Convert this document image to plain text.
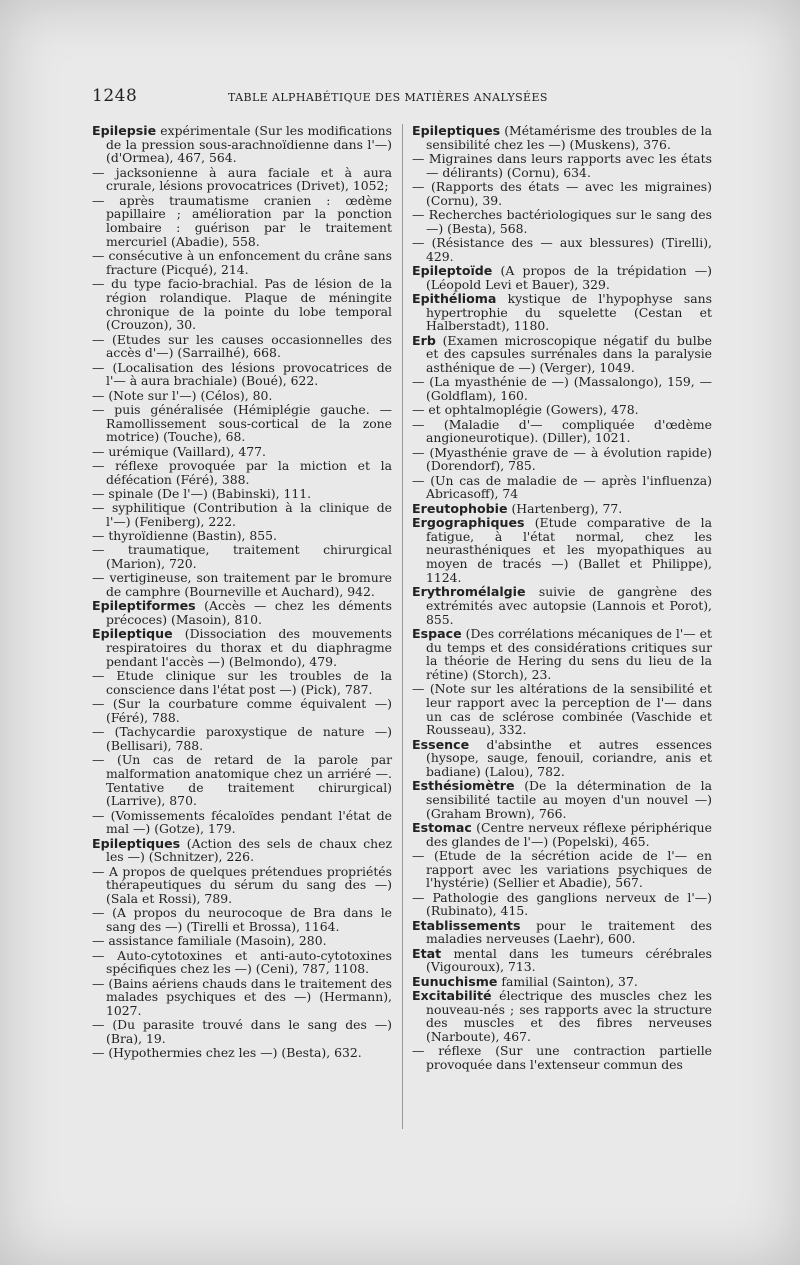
1248	TABLE ALPHABÉTIQUE DES MATIÈRES ANALYSÉES

Epilepsie expérimentale (Sur les modifications de la pression sous-arachnoïdienne dans l'—) (d'Ormea), 467, 564.

— jacksonienne à aura faciale et à aura crurale, lésions provocatrices (Drivet), 1052;

— après traumatisme cranien : œdème papillaire ; amélioration par la ponction lombaire : guérison par le traitement mercuriel (Abadie), 558.

— consécutive à un enfoncement du crâne sans fracture (Picqué), 214.

— du type facio-brachial. Pas de lésion de la région rolandique. Plaque de méningite chronique de la pointe du lobe temporal (Crouzon), 30.

— (Etudes sur les causes occasionnelles des accès d'—) (Sarrailhé), 668.

— (Localisation des lésions provocatrices de l'— à aura brachiale) (Boué), 622.

— (Note sur l'—) (Célos), 80.

— puis généralisée (Hémiplégie gauche. — Ramollissement sous-cortical de la zone motrice) (Touche), 68.

— urémique (Vaillard), 477.

— réflexe provoquée par la miction et la défécation (Féré), 388.

— spinale (De l'—) (Babinski), 111.

— syphilitique (Contribution à la clinique de l'—) (Feniberg), 222.

— thyroïdienne (Bastin), 855.

— traumatique, traitement chirurgical (Marion), 720.

— vertigineuse, son traitement par le bromure de camphre (Bourneville et Auchard), 942.

Epileptiformes (Accès — chez les déments précoces) (Masoin), 810.

Epileptique (Dissociation des mouvements respiratoires du thorax et du diaphragme pendant l'accès —) (Belmondo), 479.

— Etude clinique sur les troubles de la conscience dans l'état post —) (Pick), 787.

— (Sur la courbature comme équivalent —) (Féré), 788.

— (Tachycardie paroxystique de nature —) (Bellisari), 788.

— (Un cas de retard de la parole par malformation anatomique chez un arriéré —. Tentative de traitement chirurgical) (Larrive), 870.

— (Vomissements fécaloïdes pendant l'état de mal —) (Gotze), 179.

Epileptiques (Action des sels de chaux chez les —) (Schnitzer), 226.

— A propos de quelques prétendues propriétés thérapeutiques du sérum du sang des —) (Sala et Rossi), 789.

— (A propos du neurocoque de Bra dans le sang des —) (Tirelli et Brossa), 1164.

— assistance familiale (Masoin), 280.

— Auto-cytotoxines et anti-auto-cytotoxines spécifiques chez les —) (Ceni), 787, 1108.

— (Bains aériens chauds dans le traitement des malades psychiques et des —) (Hermann), 1027.

— (Du parasite trouvé dans le sang des —) (Bra), 19.

— (Hypothermies chez les —) (Besta), 632.

Epileptiques (Métamérisme des troubles de la sensibilité chez les —) (Muskens), 376.

— Migraines dans leurs rapports avec les états — délirants) (Cornu), 634.

— (Rapports des états — avec les migraines) (Cornu), 39.

— Recherches bactériologiques sur le sang des —) (Besta), 568.

— (Résistance des — aux blessures) (Tirelli), 429.

Epileptoïde (A propos de la trépidation —) (Léopold Levi et Bauer), 329.

Epithélioma kystique de l'hypophyse sans hypertrophie du squelette (Cestan et Halberstadt), 1180.

Erb (Examen microscopique négatif du bulbe et des capsules surrénales dans la paralysie asthénique de —) (Verger), 1049.

— (La myasthénie de —) (Massalongo), 159, —(Goldflam), 160.

— et ophtalmoplégie (Gowers), 478.

— (Maladie d'— compliquée d'œdème angioneurotique). (Diller), 1021.

— (Myasthénie grave de — à évolution rapide) (Dorendorf), 785.

— (Un cas de maladie de — après l'influenza) Abricasoff), 74

Ereutophobie (Hartenberg), 77.

Ergographiques (Etude comparative de la fatigue, à l'état normal, chez les neurasthéniques et les myopathiques au moyen de tracés —) (Ballet et Philippe), 1124.

Erythromélalgie suivie de gangrène des extrémités avec autopsie (Lannois et Porot), 855.

Espace (Des corrélations mécaniques de l'— et du temps et des considérations critiques sur la théorie de Hering du sens du lieu de la rétine) (Storch), 23.

— (Note sur les altérations de la sensibilité et leur rapport avec la perception de l'— dans un cas de sclérose combinée (Vaschide et Rousseau), 332.

Essence d'absinthe et autres essences (hysope, sauge, fenouil, coriandre, anis et badiane) (Lalou), 782.

Esthésiomètre (De la détermination de la sensibilité tactile au moyen d'un nouvel —) (Graham Brown), 766.

Estomac (Centre nerveux réflexe périphérique des glandes de l'—) (Popelski), 465.

— (Etude de la sécrétion acide de l'— en rapport avec les variations psychiques de l'hystérie) (Sellier et Abadie), 567.

— Pathologie des ganglions nerveux de l'—) (Rubinato), 415.

Etablissements pour le traitement des maladies nerveuses (Laehr), 600.

Etat mental dans les tumeurs cérébrales (Vigouroux), 713.

Eunuchisme familial (Sainton), 37.

Excitabilité électrique des muscles chez les nouveau-nés ; ses rapports avec la structure des muscles et des fibres nerveuses (Narboute), 467.

— réflexe (Sur une contraction partielle provoquée dans l'extenseur commun des
